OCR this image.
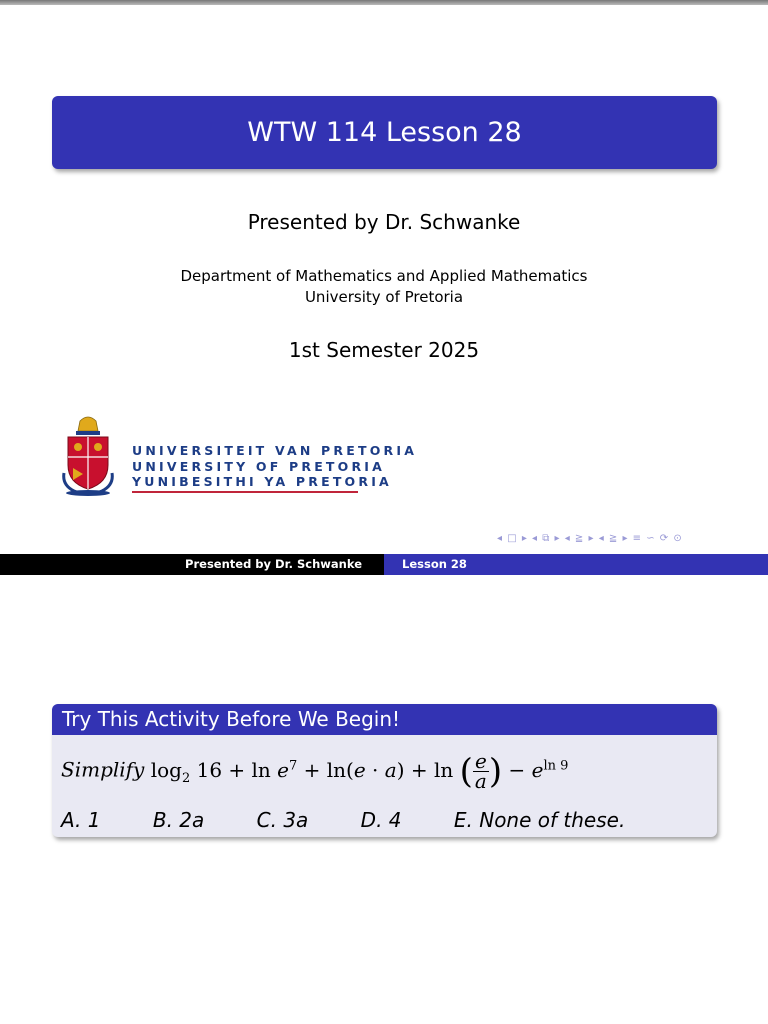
WTW 114 Lesson 28
Presented by Dr. Schwanke
Department of Mathematics and Applied Mathematics
University of Pretoria
1st Semester 2025
UNIVERSITEIT VAN PRETORIA
UNIVERSITY OF PRETORIA
YUNIBESITHI YA PRETORIA
◂ □ ▸ ◂ ⧉ ▸ ◂ ≧ ▸ ◂ ≧ ▸ ≡ ∽ ⟳ ⊙
Presented by Dr. Schwanke	Lesson 28
Try This Activity Before We Begin!
Simplify $\log_2 16 + \ln e^7 + \ln(e \cdot a) + \ln$ ( $\frac{e}{a}$ ) − $e^{ln 9}$
A. 1	B. 2a	C. 3a	D. 4	E. None of these.
